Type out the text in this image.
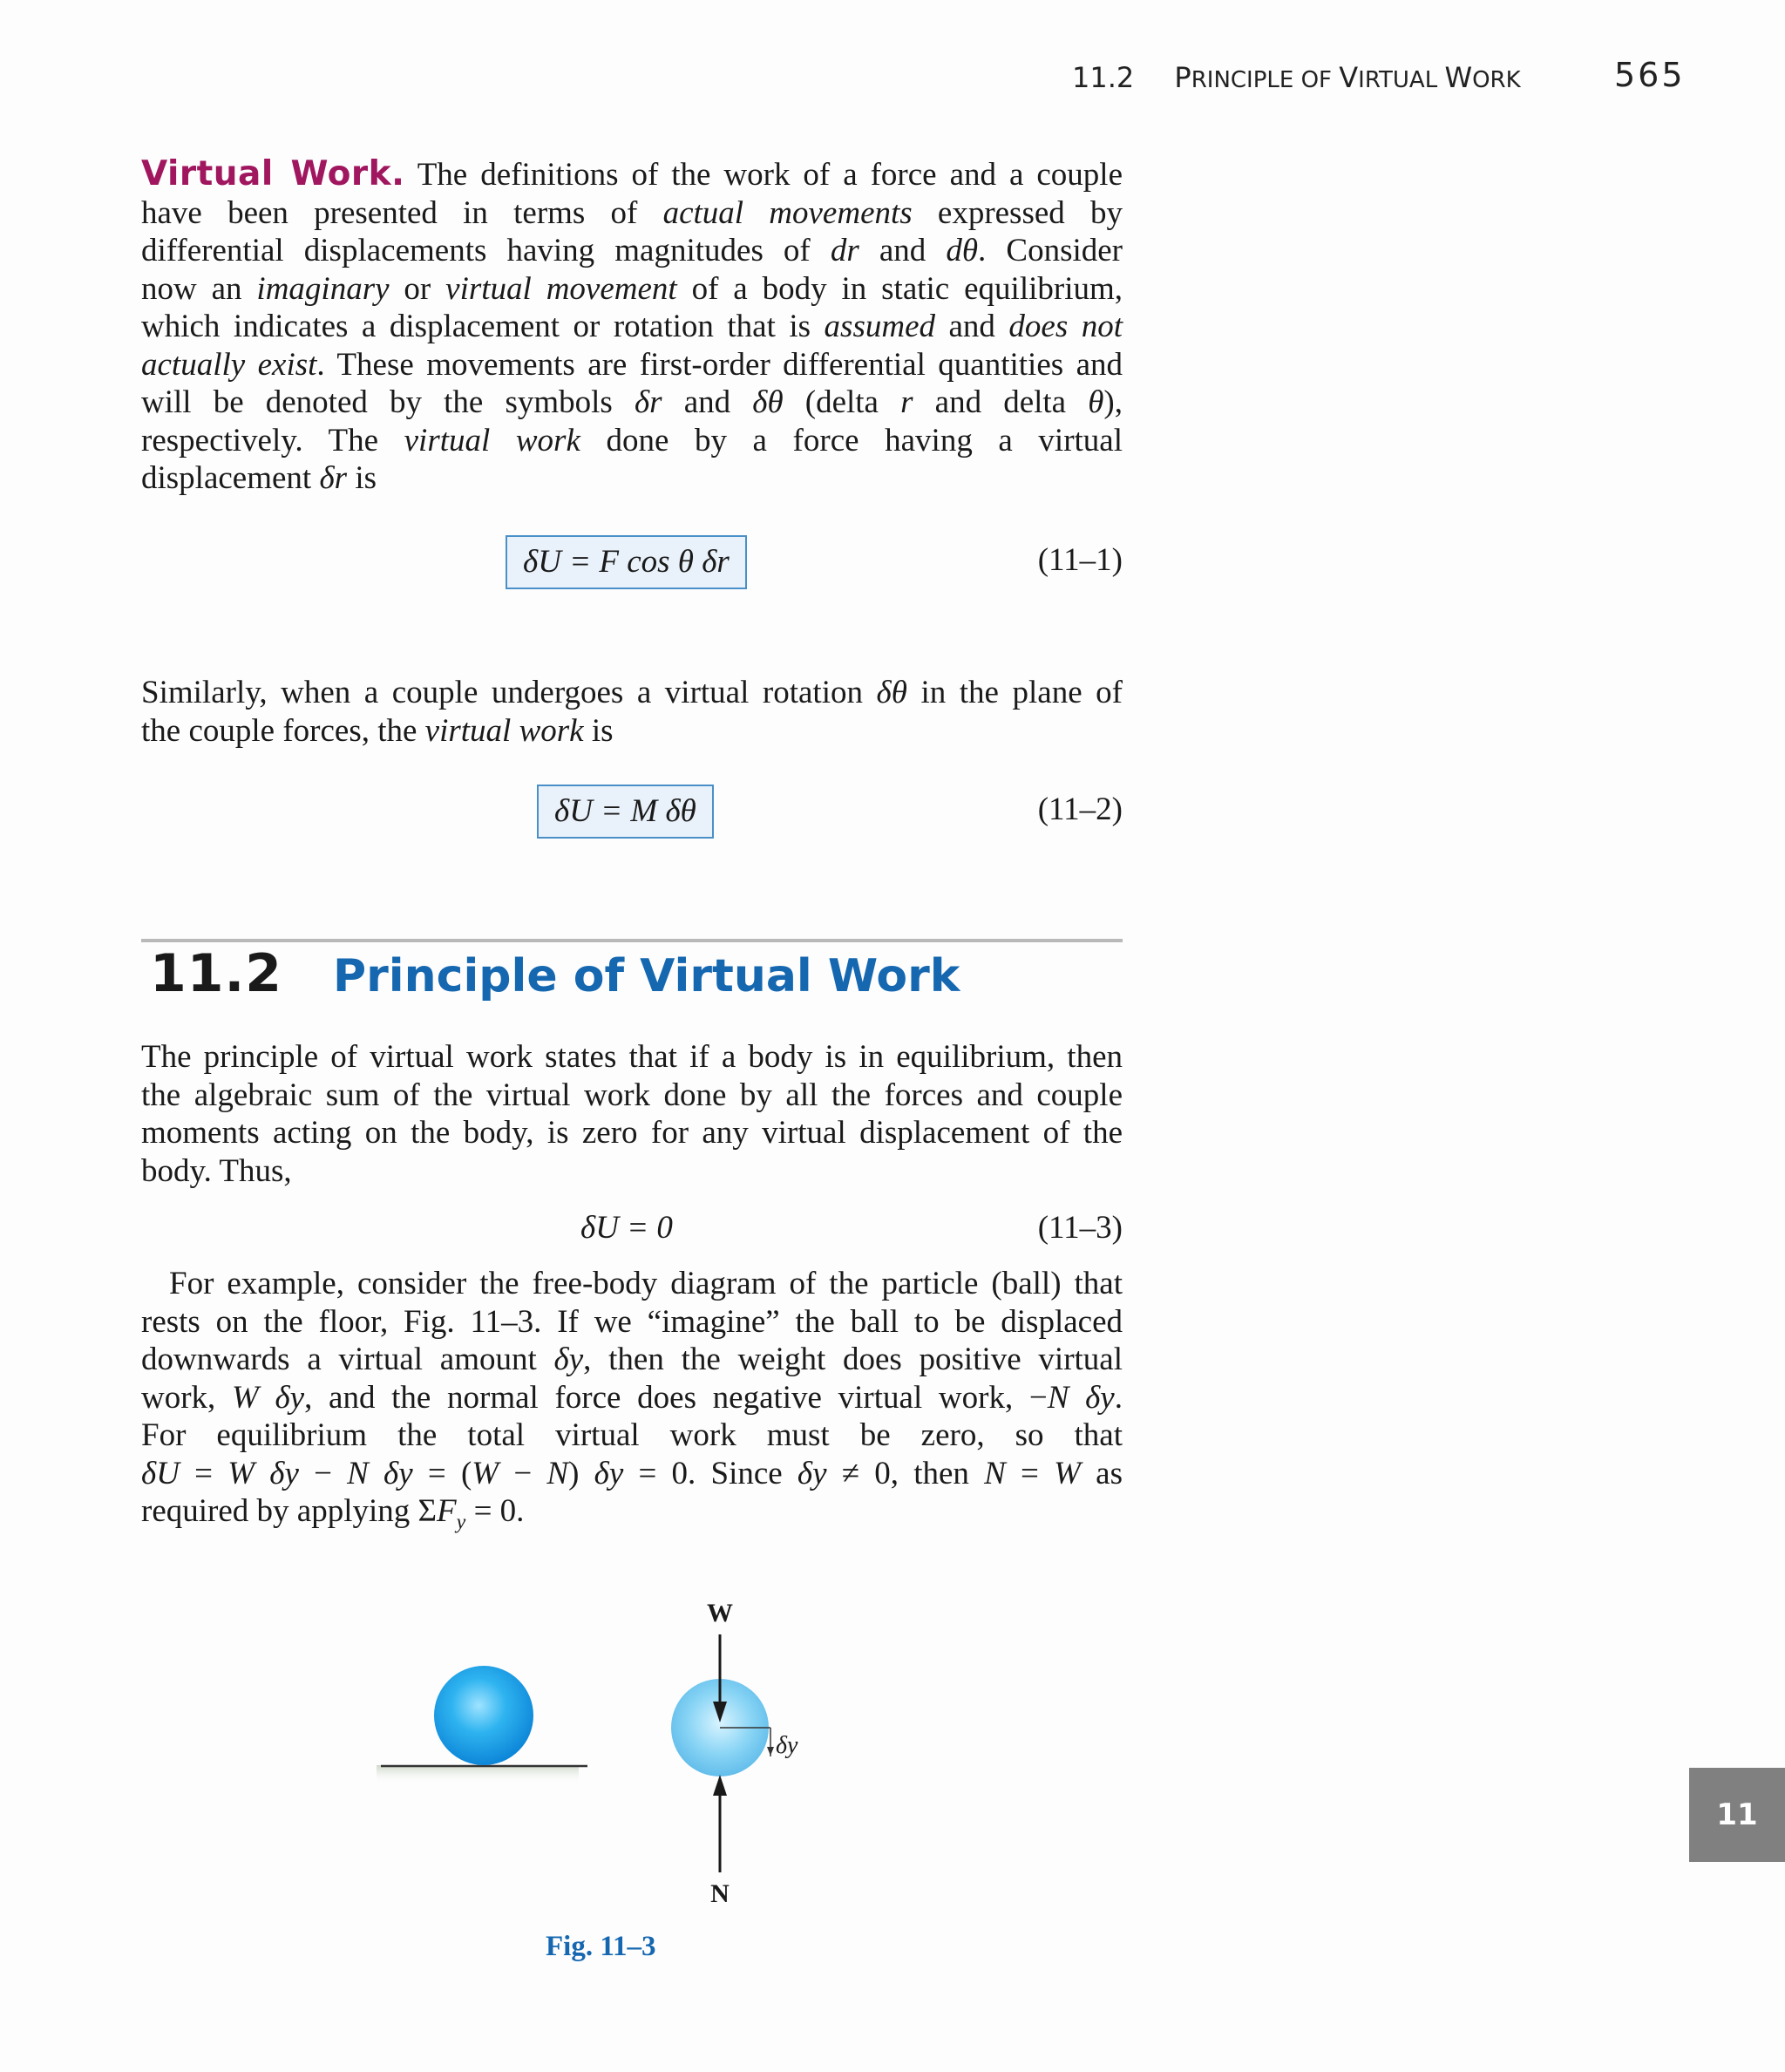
11.2 PRINCIPLE OF VIRTUAL WORK	565
Virtual Work. The definitions of the work of a force and a couple
have been presented in terms of actual movements expressed by
differential displacements having magnitudes of dr and dθ. Consider
now an imaginary or virtual movement of a body in static equilibrium,
which indicates a displacement or rotation that is assumed and does not
actually exist. These movements are first-order differential quantities and
will be denoted by the symbols δr and δθ (delta r and delta θ),
respectively. The virtual work done by a force having a virtual
displacement δr is
δU = F cos θ δr	(11–1)
Similarly, when a couple undergoes a virtual rotation δθ in the plane of
the couple forces, the virtual work is
δU = M δθ	(11–2)
11.2 Principle of Virtual Work
The principle of virtual work states that if a body is in equilibrium, then
the algebraic sum of the virtual work done by all the forces and couple
moments acting on the body, is zero for any virtual displacement of the
body. Thus,
δU = 0	(11–3)
For example, consider the free-body diagram of the particle (ball) that
rests on the floor, Fig. 11–3. If we “imagine” the ball to be displaced
downwards a virtual amount δy, then the weight does positive virtual
work, W δy, and the normal force does negative virtual work, −N δy.
For equilibrium the total virtual work must be zero, so that
δU = W δy − N δy = (W − N) δy = 0. Since δy ≠ 0, then N = W as
required by applying $\Sigma F_y = 0$.
W
N
δy
Fig. 11–3
11
